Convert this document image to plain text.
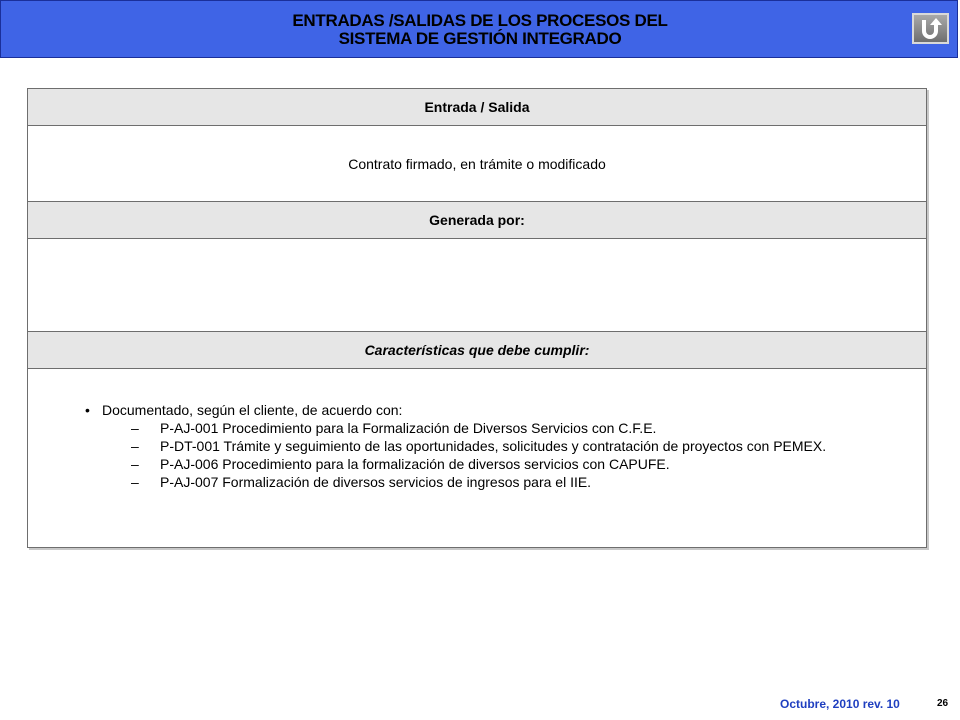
ENTRADAS /SALIDAS DE LOS PROCESOS DEL
SISTEMA DE GESTIÓN INTEGRADO
Entrada / Salida
Contrato firmado, en trámite o modificado
Generada por:
Características que debe cumplir:
• Documentado, según el cliente, de acuerdo con:
– P-AJ-001 Procedimiento para la Formalización de Diversos Servicios con C.F.E.
– P-DT-001 Trámite y seguimiento de las oportunidades, solicitudes y contratación de proyectos con PEMEX.
– P-AJ-006 Procedimiento para la formalización de diversos servicios con CAPUFE.
– P-AJ-007 Formalización de diversos servicios de ingresos para el IIE.
Octubre, 2010 rev. 10	26
